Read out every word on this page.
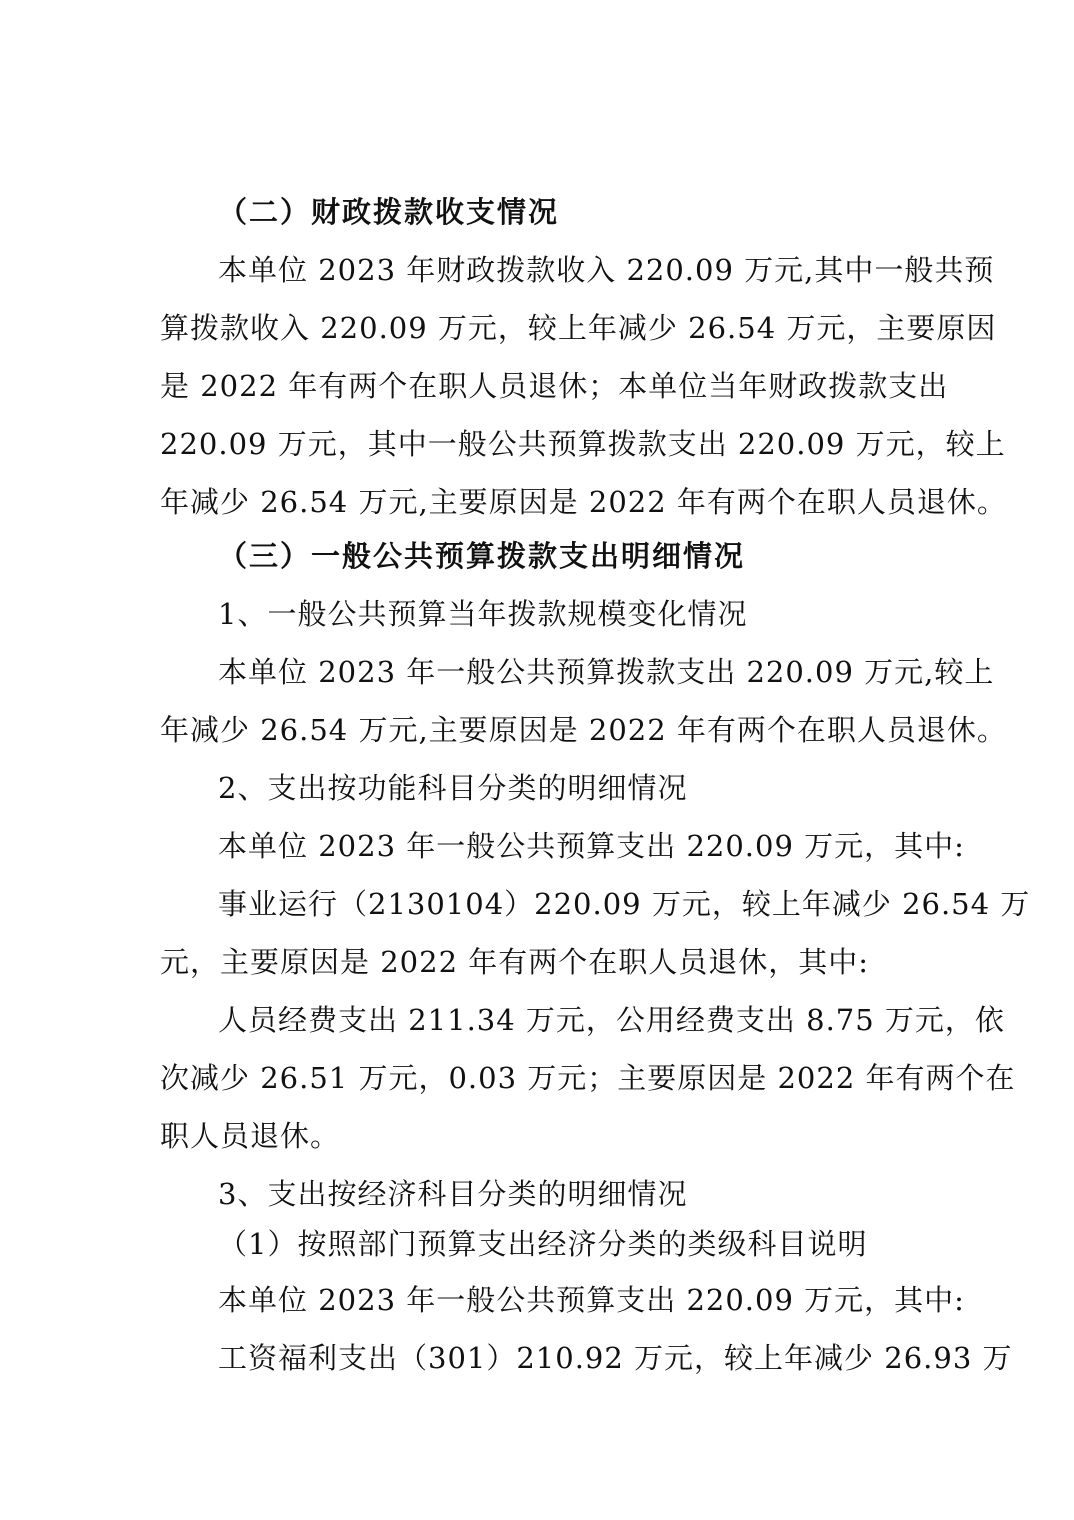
（二）财政拨款收支情况
本单位 2023 年财政拨款收入 220.09 万元,其中一般共预
算拨款收入 220.09 万元，较上年减少 26.54 万元，主要原因
是 2022 年有两个在职人员退休；本单位当年财政拨款支出
220.09 万元，其中一般公共预算拨款支出 220.09 万元，较上
年减少 26.54 万元,主要原因是 2022 年有两个在职人员退休。
（三）一般公共预算拨款支出明细情况
1、一般公共预算当年拨款规模变化情况
本单位 2023 年一般公共预算拨款支出 220.09 万元,较上
年减少 26.54 万元,主要原因是 2022 年有两个在职人员退休。
2、支出按功能科目分类的明细情况
本单位 2023 年一般公共预算支出 220.09 万元，其中:
事业运行（2130104）220.09 万元，较上年减少 26.54 万
元，主要原因是 2022 年有两个在职人员退休，其中:
人员经费支出 211.34 万元，公用经费支出 8.75 万元，依
次减少 26.51 万元，0.03 万元；主要原因是 2022 年有两个在
职人员退休。
3、支出按经济科目分类的明细情况
（1）按照部门预算支出经济分类的类级科目说明
本单位 2023 年一般公共预算支出 220.09 万元，其中:
工资福利支出（301）210.92 万元，较上年减少 26.93 万
